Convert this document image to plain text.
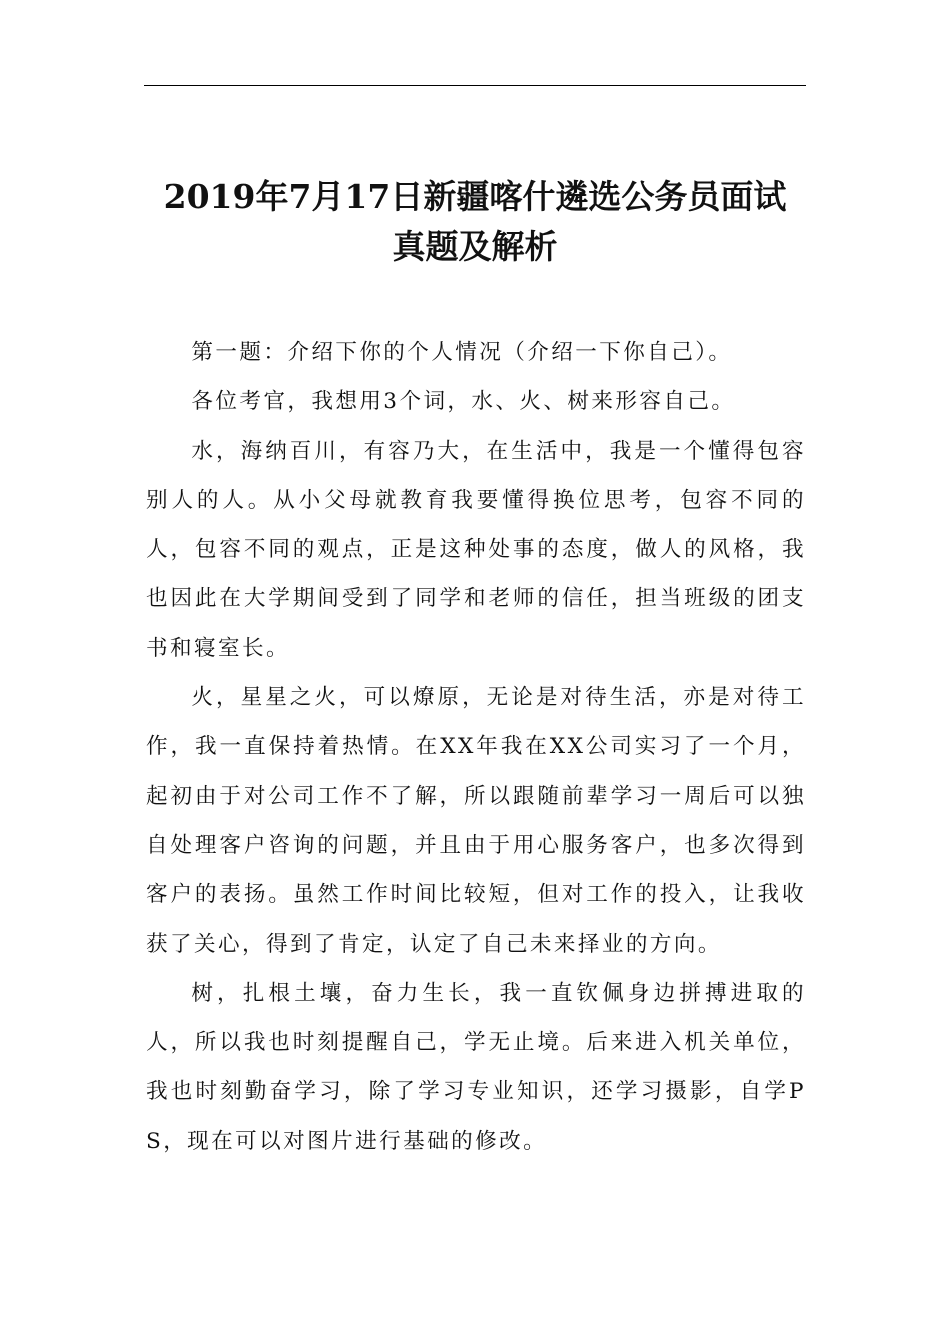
2019年7月17日新疆喀什遴选公务员面试
真题及解析

第一题：介绍下你的个人情况（介绍一下你自己）。

各位考官，我想用3个词，水、火、树来形容自己。

水，海纳百川，有容乃大，在生活中，我是一个懂得包容别人的人。从小父母就教育我要懂得换位思考，包容不同的人，包容不同的观点，正是这种处事的态度，做人的风格，我也因此在大学期间受到了同学和老师的信任，担当班级的团支书和寝室长。

火，星星之火，可以燎原，无论是对待生活，亦是对待工作，我一直保持着热情。在XX年我在XX公司实习了一个月，起初由于对公司工作不了解，所以跟随前辈学习一周后可以独自处理客户咨询的问题，并且由于用心服务客户，也多次得到客户的表扬。虽然工作时间比较短，但对工作的投入，让我收获了关心，得到了肯定，认定了自己未来择业的方向。

树，扎根土壤，奋力生长，我一直钦佩身边拼搏进取的人，所以我也时刻提醒自己，学无止境。后来进入机关单位，我也时刻勤奋学习，除了学习专业知识，还学习摄影，自学PS，现在可以对图片进行基础的修改。
